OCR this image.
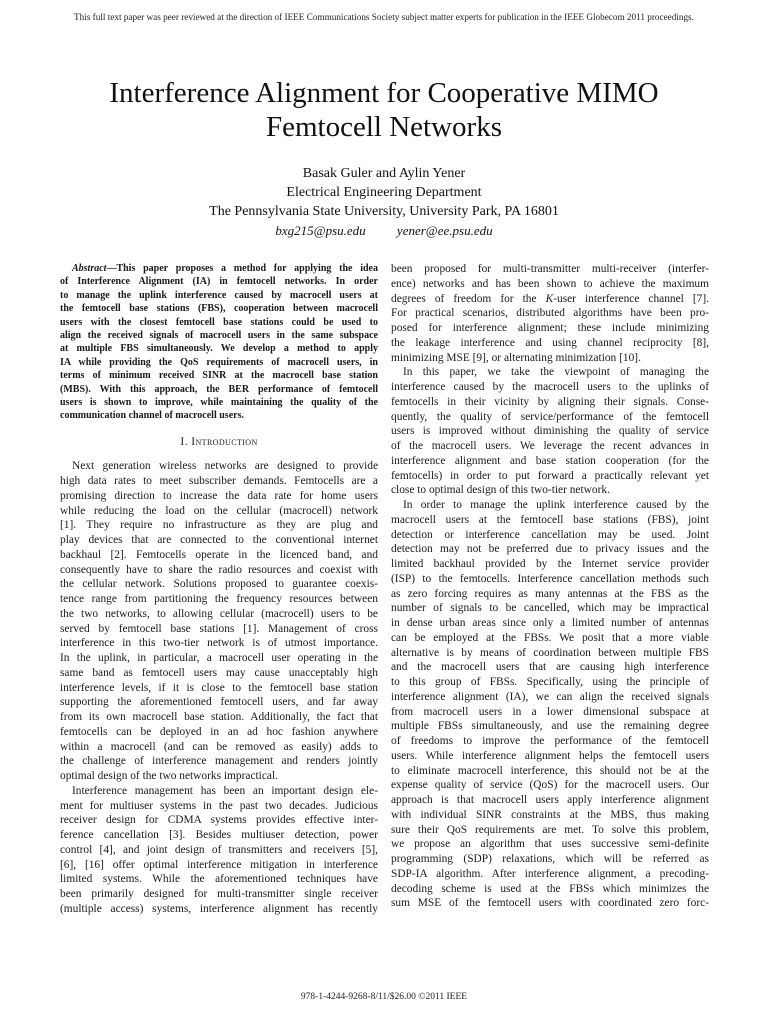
This full text paper was peer reviewed at the direction of IEEE Communications Society subject matter experts for publication in the IEEE Globecom 2011 proceedings.
Interference Alignment for Cooperative MIMO
Femtocell Networks
Basak Guler and Aylin Yener
Electrical Engineering Department
The Pennsylvania State University, University Park, PA 16801
bxg215@psu.edu yener@ee.psu.edu
Abstract—This paper proposes a method for applying the idea
of Interference Alignment (IA) in femtocell networks. In order
to manage the uplink interference caused by macrocell users at
the femtocell base stations (FBS), cooperation between macrocell
users with the closest femtocell base stations could be used to
align the received signals of macrocell users in the same subspace
at multiple FBS simultaneously. We develop a method to apply
IA while providing the QoS requirements of macrocell users, in
terms of minimum received SINR at the macrocell base station
(MBS). With this approach, the BER performance of femtocell
users is shown to improve, while maintaining the quality of the
communication channel of macrocell users.
I. Introduction
Next generation wireless networks are designed to provide
high data rates to meet subscriber demands. Femtocells are a
promising direction to increase the data rate for home users
while reducing the load on the cellular (macrocell) network
[1]. They require no infrastructure as they are plug and
play devices that are connected to the conventional internet
backhaul [2]. Femtocells operate in the licenced band, and
consequently have to share the radio resources and coexist with
the cellular network. Solutions proposed to guarantee coexis-
tence range from partitioning the frequency resources between
the two networks, to allowing cellular (macrocell) users to be
served by femtocell base stations [1]. Management of cross
interference in this two-tier network is of utmost importance.
In the uplink, in particular, a macrocell user operating in the
same band as femtocell users may cause unacceptably high
interference levels, if it is close to the femtocell base station
supporting the aforementioned femtocell users, and far away
from its own macrocell base station. Additionally, the fact that
femtocells can be deployed in an ad hoc fashion anywhere
within a macrocell (and can be removed as easily) adds to
the challenge of interference management and renders jointly
optimal design of the two networks impractical.
Interference management has been an important design ele-
ment for multiuser systems in the past two decades. Judicious
receiver design for CDMA systems provides effective inter-
ference cancellation [3]. Besides multiuser detection, power
control [4], and joint design of transmitters and receivers [5],
[6], [16] offer optimal interference mitigation in interference
limited systems. While the aforementioned techniques have
been primarily designed for multi-transmitter single receiver
(multiple access) systems, interference alignment has recently
been proposed for multi-transmitter multi-receiver (interfer-
ence) networks and has been shown to achieve the maximum
degrees of freedom for the K-user interference channel [7].
For practical scenarios, distributed algorithms have been pro-
posed for interference alignment; these include minimizing
the leakage interference and using channel reciprocity [8],
minimizing MSE [9], or alternating minimization [10].
In this paper, we take the viewpoint of managing the
interference caused by the macrocell users to the uplinks of
femtocells in their vicinity by aligning their signals. Conse-
quently, the quality of service/performance of the femtocell
users is improved without diminishing the quality of service
of the macrocell users. We leverage the recent advances in
interference alignment and base station cooperation (for the
femtocells) in order to put forward a practically relevant yet
close to optimal design of this two-tier network.
In order to manage the uplink interference caused by the
macrocell users at the femtocell base stations (FBS), joint
detection or interference cancellation may be used. Joint
detection may not be preferred due to privacy issues and the
limited backhaul provided by the Internet service provider
(ISP) to the femtocells. Interference cancellation methods such
as zero forcing requires as many antennas at the FBS as the
number of signals to be cancelled, which may be impractical
in dense urban areas since only a limited number of antennas
can be employed at the FBSs. We posit that a more viable
alternative is by means of coordination between multiple FBS
and the macrocell users that are causing high interference
to this group of FBSs. Specifically, using the principle of
interference alignment (IA), we can align the received signals
from macrocell users in a lower dimensional subspace at
multiple FBSs simultaneously, and use the remaining degree
of freedoms to improve the performance of the femtocell
users. While interference alignment helps the femtocell users
to eliminate macrocell interference, this should not be at the
expense quality of service (QoS) for the macrocell users. Our
approach is that macrocell users apply interference alignment
with individual SINR constraints at the MBS, thus making
sure their QoS requirements are met. To solve this problem,
we propose an algorithm that uses successive semi-definite
programming (SDP) relaxations, which will be referred as
SDP-IA algorithm. After interference alignment, a precoding-
decoding scheme is used at the FBSs which minimizes the
sum MSE of the femtocell users with coordinated zero forc-
978-1-4244-9268-8/11/$26.00 ©2011 IEEE
